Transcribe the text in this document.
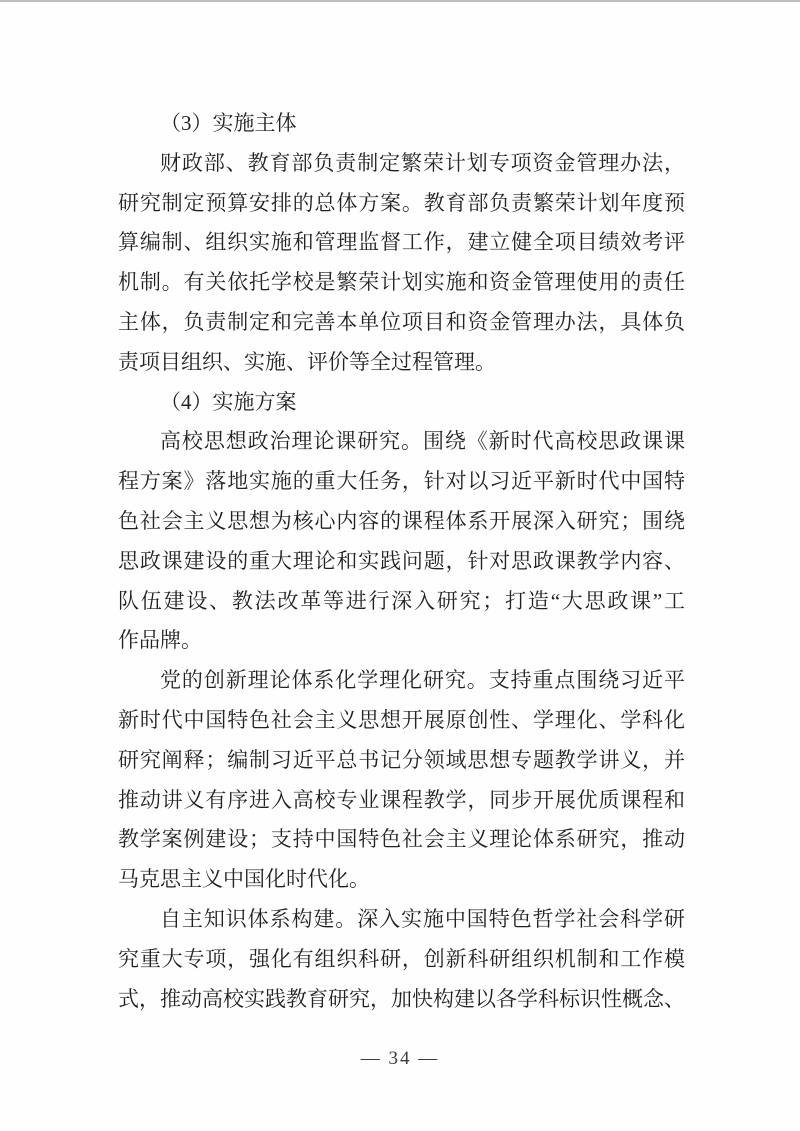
（3）实施主体
财政部、教育部负责制定繁荣计划专项资金管理办法，
研究制定预算安排的总体方案。教育部负责繁荣计划年度预
算编制、组织实施和管理监督工作，建立健全项目绩效考评
机制。有关依托学校是繁荣计划实施和资金管理使用的责任
主体，负责制定和完善本单位项目和资金管理办法，具体负
责项目组织、实施、评价等全过程管理。
（4）实施方案
高校思想政治理论课研究。围绕《新时代高校思政课课
程方案》落地实施的重大任务，针对以习近平新时代中国特
色社会主义思想为核心内容的课程体系开展深入研究；围绕
思政课建设的重大理论和实践问题，针对思政课教学内容、
队伍建设、教法改革等进行深入研究；打造“大思政课”工
作品牌。
党的创新理论体系化学理化研究。支持重点围绕习近平
新时代中国特色社会主义思想开展原创性、学理化、学科化
研究阐释；编制习近平总书记分领域思想专题教学讲义，并
推动讲义有序进入高校专业课程教学，同步开展优质课程和
教学案例建设；支持中国特色社会主义理论体系研究，推动
马克思主义中国化时代化。
自主知识体系构建。深入实施中国特色哲学社会科学研
究重大专项，强化有组织科研，创新科研组织机制和工作模
式，推动高校实践教育研究，加快构建以各学科标识性概念、
— 34 —
